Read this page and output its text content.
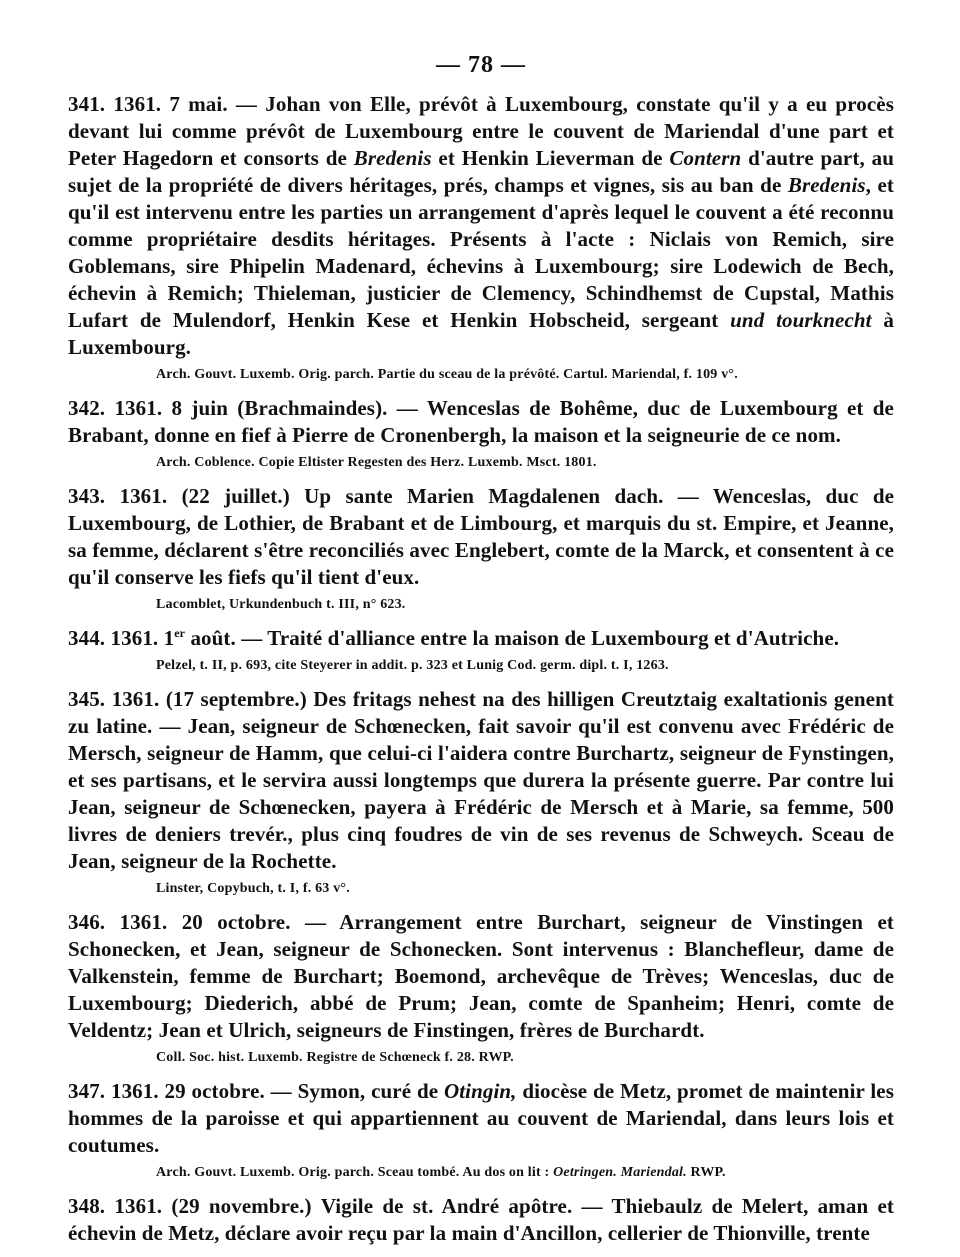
— 78 —

341. 1361. 7 mai. — Johan von Elle, prévôt à Luxembourg, constate qu'il y a eu procès devant lui comme prévôt de Luxembourg entre le couvent de Mariendal d'une part et Peter Hagedorn et consorts de Bredenis et Henkin Lieverman de Contern d'autre part, au sujet de la propriété de divers héritages, prés, champs et vignes, sis au ban de Bredenis, et qu'il est intervenu entre les parties un arrangement d'après lequel le couvent a été reconnu comme propriétaire desdits héritages. Présents à l'acte : Niclais von Remich, sire Goblemans, sire Phipelin Madenard, échevins à Luxembourg; sire Lodewich de Bech, échevin à Remich; Thieleman, justicier de Clemency, Schindhemst de Cupstal, Mathis Lufart de Mulendorf, Henkin Kese et Henkin Hobscheid, sergeant und tourknecht à Luxembourg.

Arch. Gouvt. Luxemb. Orig. parch. Partie du sceau de la prévôté. Cartul. Mariendal, f. 109 v°.

342. 1361. 8 juin (Brachmaindes). — Wenceslas de Bohême, duc de Luxembourg et de Brabant, donne en fief à Pierre de Cronenbergh, la maison et la seigneurie de ce nom.

Arch. Coblence. Copie Eltister Regesten des Herz. Luxemb. Msct. 1801.

343. 1361. (22 juillet.) Up sante Marien Magdalenen dach. — Wenceslas, duc de Luxembourg, de Lothier, de Brabant et de Limbourg, et marquis du st. Empire, et Jeanne, sa femme, déclarent s'être reconciliés avec Englebert, comte de la Marck, et consentent à ce qu'il conserve les fiefs qu'il tient d'eux.

Lacomblet, Urkundenbuch t. III, n° 623.

344. 1361. 1er août. — Traité d'alliance entre la maison de Luxembourg et d'Autriche.

Pelzel, t. II, p. 693, cite Steyerer in addit. p. 323 et Lunig Cod. germ. dipl. t. I, 1263.

345. 1361. (17 septembre.) Des fritags nehest na des hilligen Creutztaig exaltationis genent zu latine. — Jean, seigneur de Schœnecken, fait savoir qu'il est convenu avec Frédéric de Mersch, seigneur de Hamm, que celui-ci l'aidera contre Burchartz, seigneur de Fynstingen, et ses partisans, et le servira aussi longtemps que durera la présente guerre. Par contre lui Jean, seigneur de Schœnecken, payera à Frédéric de Mersch et à Marie, sa femme, 500 livres de deniers trevér., plus cinq foudres de vin de ses revenus de Schweych. Sceau de Jean, seigneur de la Rochette.

Linster, Copybuch, t. I, f. 63 v°.

346. 1361. 20 octobre. — Arrangement entre Burchart, seigneur de Vinstingen et Schonecken, et Jean, seigneur de Schonecken. Sont intervenus : Blanchefleur, dame de Valkenstein, femme de Burchart; Boemond, archevêque de Trèves; Wenceslas, duc de Luxembourg; Diederich, abbé de Prum; Jean, comte de Spanheim; Henri, comte de Veldentz; Jean et Ulrich, seigneurs de Finstingen, frères de Burchardt.

Coll. Soc. hist. Luxemb. Registre de Schœneck f. 28. RWP.

347. 1361. 29 octobre. — Symon, curé de Otingin, diocèse de Metz, promet de maintenir les hommes de la paroisse et qui appartiennent au couvent de Mariendal, dans leurs lois et coutumes.

Arch. Gouvt. Luxemb. Orig. parch. Sceau tombé. Au dos on lit : Oetringen. Mariendal. RWP.

348. 1361. (29 novembre.) Vigile de st. André apôtre. — Thiebaulz de Melert, aman et échevin de Metz, déclare avoir reçu par la main d'Ancillon, cellerier de Thionville, trente
